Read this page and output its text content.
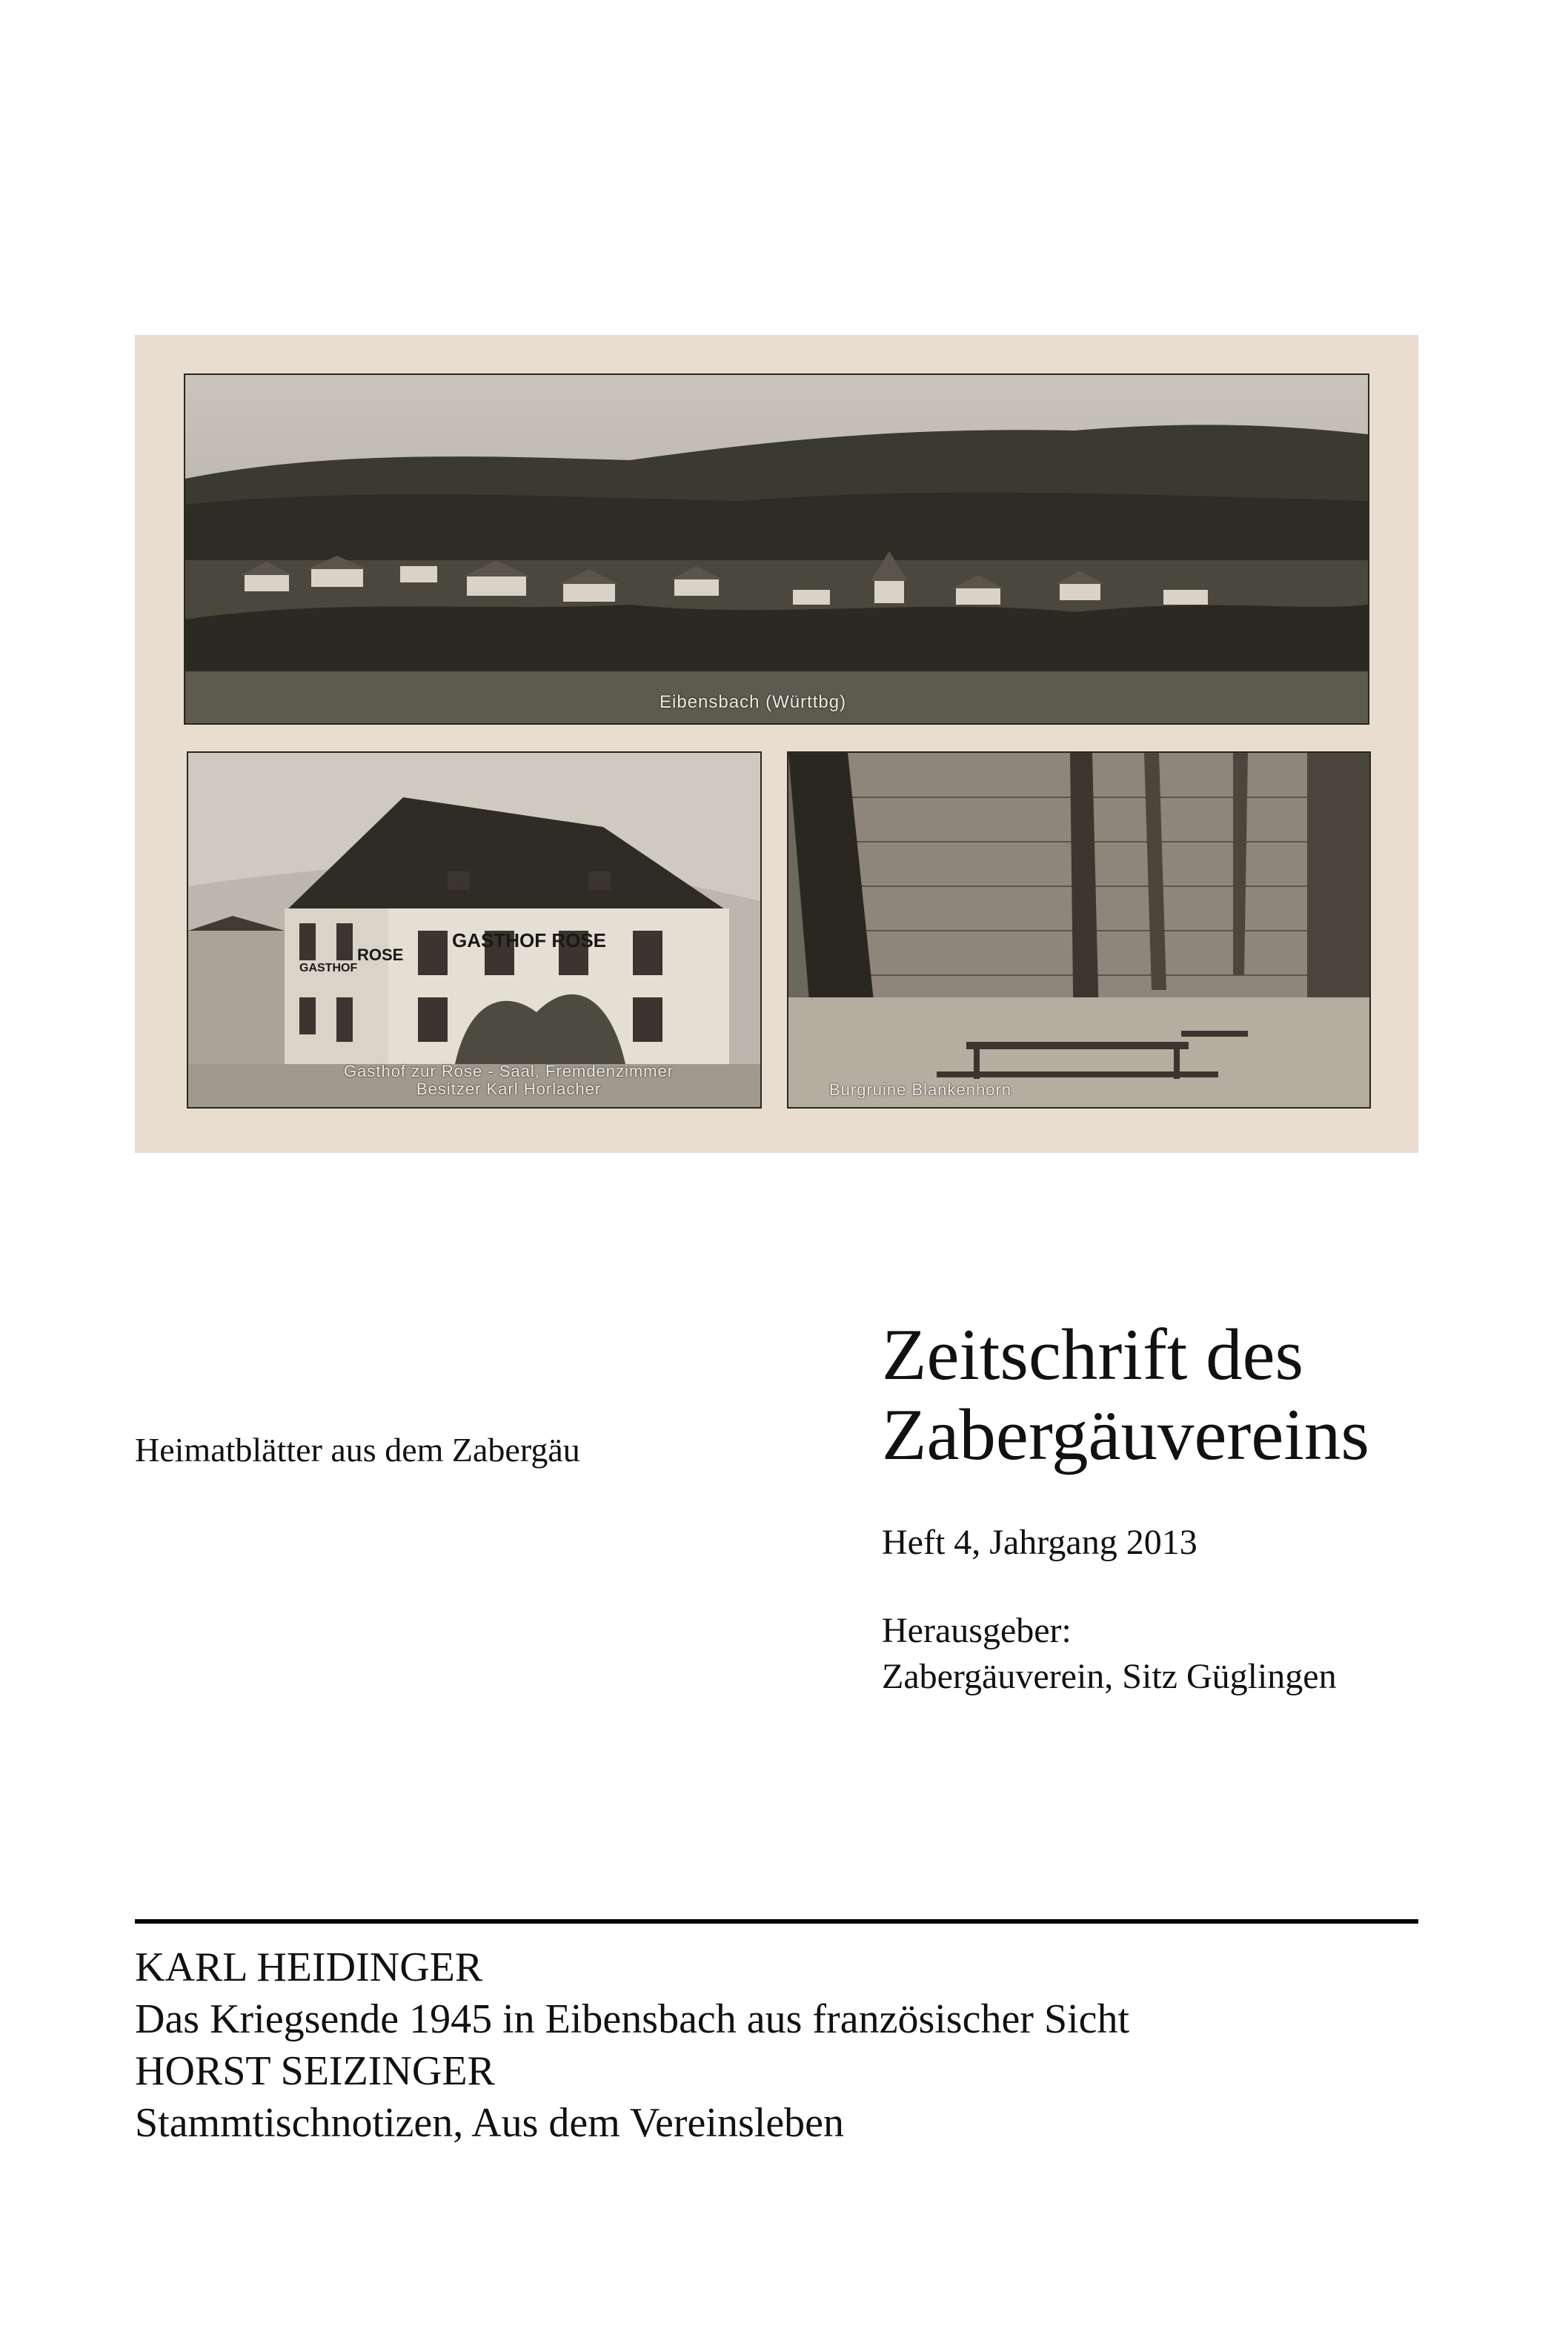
Eibensbach (Württbg)
GASTHOF ROSE
GASTHOF
ROSE
Gasthof zur Rose - Saal, Fremdenzimmer
Besitzer Karl Horlacher	Burgruine Blankenhorn
Heimatblätter aus dem Zabergäu
Zeitschrift des
Zabergäuvereins
Heft 4, Jahrgang 2013
Herausgeber:
Zabergäuverein, Sitz Güglingen
KARL HEIDINGER
Das Kriegsende 1945 in Eibensbach aus französischer Sicht
HORST SEIZINGER
Stammtischnotizen, Aus dem Vereinsleben
